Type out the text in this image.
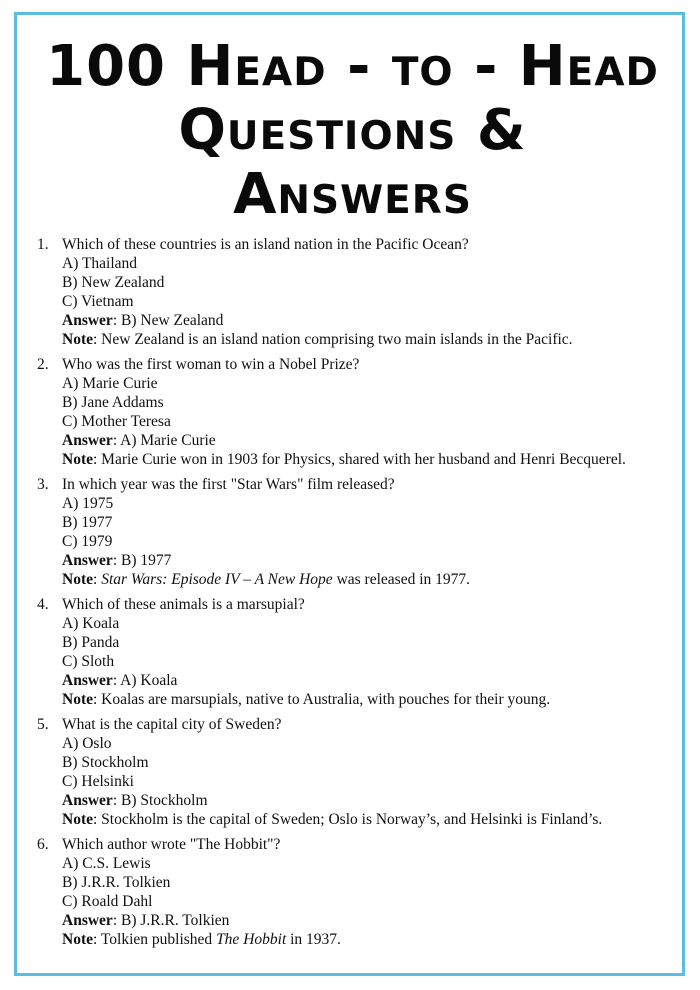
100 Head - to - Head
Questions &
Answers
1. Which of these countries is an island nation in the Pacific Ocean?
A) Thailand
B) New Zealand
C) Vietnam
Answer: B) New Zealand
Note: New Zealand is an island nation comprising two main islands in the Pacific.
2. Who was the first woman to win a Nobel Prize?
A) Marie Curie
B) Jane Addams
C) Mother Teresa
Answer: A) Marie Curie
Note: Marie Curie won in 1903 for Physics, shared with her husband and Henri Becquerel.
3. In which year was the first "Star Wars" film released?
A) 1975
B) 1977
C) 1979
Answer: B) 1977
Note: Star Wars: Episode IV – A New Hope was released in 1977.
4. Which of these animals is a marsupial?
A) Koala
B) Panda
C) Sloth
Answer: A) Koala
Note: Koalas are marsupials, native to Australia, with pouches for their young.
5. What is the capital city of Sweden?
A) Oslo
B) Stockholm
C) Helsinki
Answer: B) Stockholm
Note: Stockholm is the capital of Sweden; Oslo is Norway’s, and Helsinki is Finland’s.
6. Which author wrote "The Hobbit"?
A) C.S. Lewis
B) J.R.R. Tolkien
C) Roald Dahl
Answer: B) J.R.R. Tolkien
Note: Tolkien published The Hobbit in 1937.
